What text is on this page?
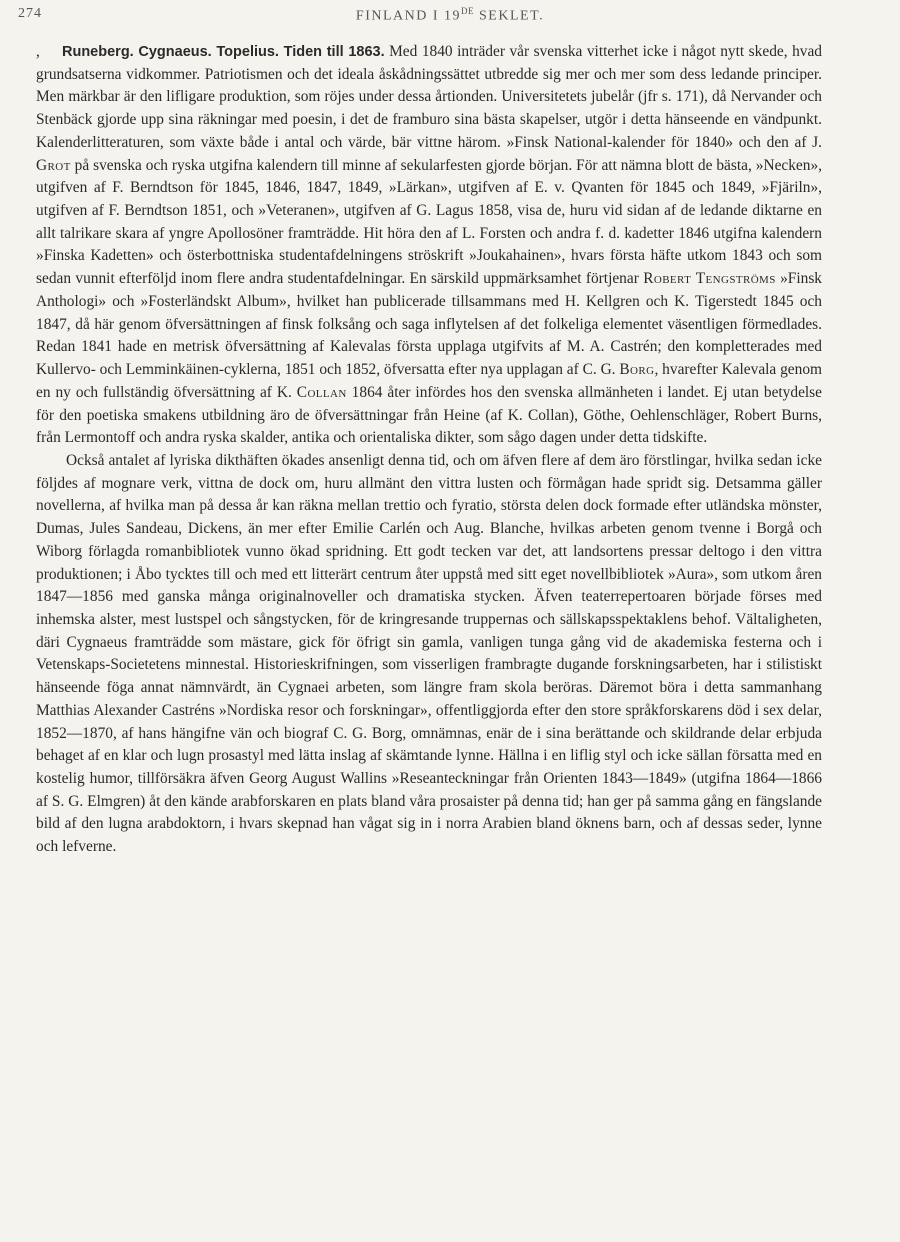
274	FINLAND I 19DE SEKLET.

, Runeberg. Cygnaeus. Topelius. Tiden till 1863. Med 1840 inträder vår svenska vitterhet icke i något nytt skede, hvad grundsatserna vidkommer. Patriotismen och det ideala åskådningssättet utbredde sig mer och mer som dess ledande principer. Men märkbar är den lifligare produktion, som röjes under dessa årtionden. Universitetets jubelår (jfr s. 171), då Nervander och Stenbäck gjorde upp sina räkningar med poesin, i det de framburo sina bästa skapelser, utgör i detta hänseende en vändpunkt. Kalenderlitteraturen, som växte både i antal och värde, bär vittne härom. »Finsk National-kalender för 1840» och den af J. Grot på svenska och ryska utgifna kalendern till minne af sekularfesten gjorde början. För att nämna blott de bästa, »Necken», utgifven af F. Berndtson för 1845, 1846, 1847, 1849, »Lärkan», utgifven af E. v. Qvanten för 1845 och 1849, »Fjäriln», utgifven af F. Berndtson 1851, och »Veteranen», utgifven af G. Lagus 1858, visa de, huru vid sidan af de ledande diktarne en allt talrikare skara af yngre Apollosöner framträdde. Hit höra den af L. Forsten och andra f. d. kadetter 1846 utgifna kalendern »Finska Kadetten» och österbottniska studentafdelningens ströskrift »Joukahainen», hvars första häfte utkom 1843 och som sedan vunnit efterföljd inom flere andra studentafdelningar. En särskild uppmärksamhet förtjenar Robert Tengströms »Finsk Anthologi» och »Fosterländskt Album», hvilket han publicerade tillsammans med H. Kellgren och K. Tigerstedt 1845 och 1847, då här genom öfversättningen af finsk folksång och saga inflytelsen af det folkeliga elementet väsentligen förmedlades. Redan 1841 hade en metrisk öfversättning af Kalevalas första upplaga utgifvits af M. A. Castrén; den kompletterades med Kullervo- och Lemminkäinen-cyklerna, 1851 och 1852, öfversatta efter nya upplagan af C. G. Borg, hvarefter Kalevala genom en ny och fullständig öfversättning af K. Collan 1864 åter infördes hos den svenska allmänheten i landet. Ej utan betydelse för den poetiska smakens utbildning äro de öfversättningar från Heine (af K. Collan), Göthe, Oehlenschläger, Robert Burns, från Lermontoff och andra ryska skalder, antika och orientaliska dikter, som sågo dagen under detta tidskifte.

Också antalet af lyriska dikthäften ökades ansenligt denna tid, och om äfven flere af dem äro förstlingar, hvilka sedan icke följdes af mognare verk, vittna de dock om, huru allmänt den vittra lusten och förmågan hade spridt sig. Detsamma gäller novellerna, af hvilka man på dessa år kan räkna mellan trettio och fyratio, största delen dock formade efter utländska mönster, Dumas, Jules Sandeau, Dickens, än mer efter Emilie Carlén och Aug. Blanche, hvilkas arbeten genom tvenne i Borgå och Wiborg förlagda romanbibliotek vunno ökad spridning. Ett godt tecken var det, att landsortens pressar deltogo i den vittra produktionen; i Åbo tycktes till och med ett litterärt centrum åter uppstå med sitt eget novellbibliotek »Aura», som utkom åren 1847—1856 med ganska många originalnoveller och dramatiska stycken. Äfven teaterrepertoaren började förses med inhemska alster, mest lustspel och sångstycken, för de kringresande truppernas och sällskapsspektaklens behof. Vältaligheten, däri Cygnaeus framträdde som mästare, gick för öfrigt sin gamla, vanligen tunga gång vid de akademiska festerna och i Vetenskaps-Societetens minnestal. Historieskrifningen, som visserligen frambragte dugande forskningsarbeten, har i stilistiskt hänseende föga annat nämnvärdt, än Cygnaei arbeten, som längre fram skola beröras. Däremot böra i detta sammanhang Matthias Alexander Castréns »Nordiska resor och forskningar», offentliggjorda efter den store språkforskarens död i sex delar, 1852—1870, af hans hängifne vän och biograf C. G. Borg, omnämnas, enär de i sina berättande och skildrande delar erbjuda behaget af en klar och lugn prosastyl med lätta inslag af skämtande lynne. Hällna i en liflig styl och icke sällan försatta med en kostelig humor, tillförsäkra äfven Georg August Wallins »Reseanteckningar från Orienten 1843—1849» (utgifna 1864—1866 af S. G. Elmgren) åt den kände arabforskaren en plats bland våra prosaister på denna tid; han ger på samma gång en fängslande bild af den lugna arabdoktorn, i hvars skepnad han vågat sig in i norra Arabien bland öknens barn, och af dessas seder, lynne och lefverne.
